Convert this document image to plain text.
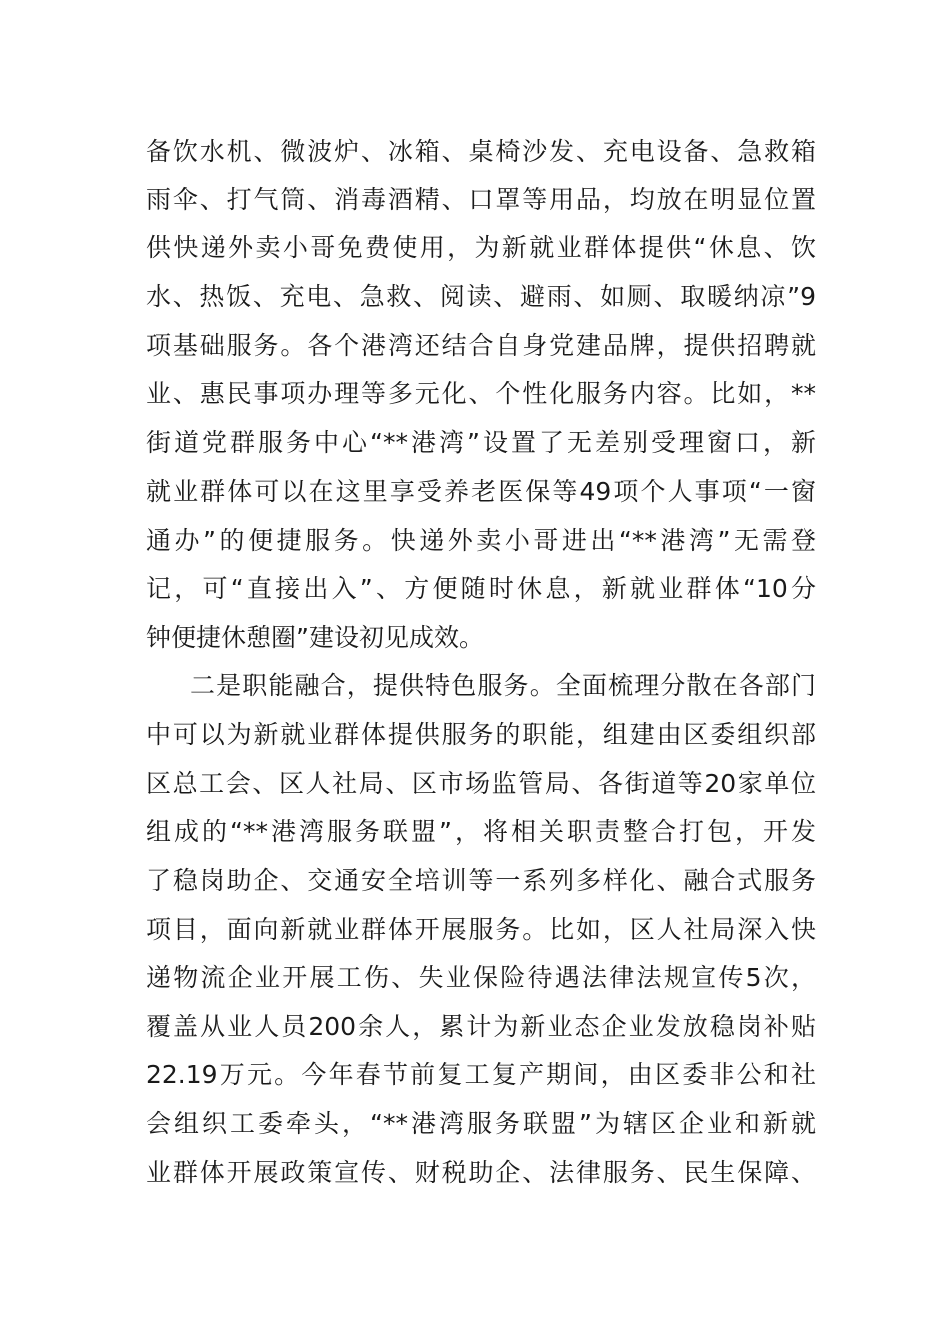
备饮水机、微波炉、冰箱、桌椅沙发、充电设备、急救箱
雨伞、打气筒、消毒酒精、口罩等用品，均放在明显位置
供快递外卖小哥免费使用，为新就业群体提供“休息、饮
水、热饭、充电、急救、阅读、避雨、如厕、取暖纳凉”9
项基础服务。各个港湾还结合自身党建品牌，提供招聘就
业、惠民事项办理等多元化、个性化服务内容。比如，**
街道党群服务中心“**港湾”设置了无差别受理窗口，新
就业群体可以在这里享受养老医保等49项个人事项“一窗
通办”的便捷服务。快递外卖小哥进出“**港湾”无需登
记，可“直接出入”、方便随时休息，新就业群体“10分
钟便捷休憩圈”建设初见成效。
二是职能融合，提供特色服务。全面梳理分散在各部门
中可以为新就业群体提供服务的职能，组建由区委组织部
区总工会、区人社局、区市场监管局、各街道等20家单位
组成的“**港湾服务联盟”，将相关职责整合打包，开发
了稳岗助企、交通安全培训等一系列多样化、融合式服务
项目，面向新就业群体开展服务。比如，区人社局深入快
递物流企业开展工伤、失业保险待遇法律法规宣传5次，
覆盖从业人员200余人，累计为新业态企业发放稳岗补贴
22.19万元。今年春节前复工复产期间，由区委非公和社
会组织工委牵头，“**港湾服务联盟”为辖区企业和新就
业群体开展政策宣传、财税助企、法律服务、民生保障、
